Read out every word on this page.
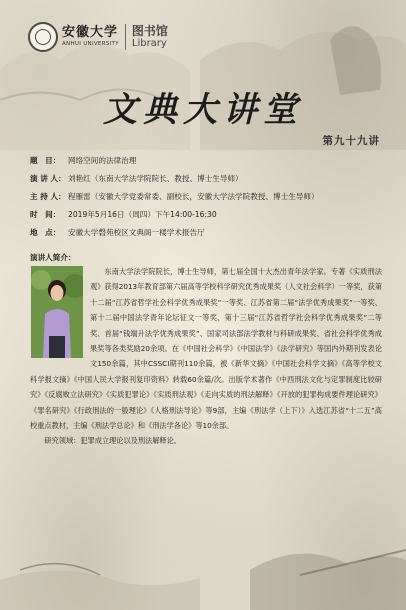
安徽大学
ANHUI UNIVERSITY
图书馆
Library
文典大讲堂
第九十九讲
题　目：	网络空间的法律治理
演 讲 人： 刘艳红（东南大学法学院院长、教授、博士生导师）
主 持 人： 程雁雷（安徽大学党委常委、副校长，安徽大学法学院教授、博士生导师）
时　间：	2019年5月16日（周四）下午14:00-16:30
地　点：	安徽大学磬苑校区文典阁一楼学术报告厅
演讲人简介：
东南大学法学院院长，博士生导师，第七届全国十大杰出青年法学家。专著《实质刑法观》获得2013年教育部第六届高等学校科学研究优秀成果奖（人文社会科学）一等奖，获第十二届“江苏省哲学社会科学优秀成果奖”一等奖、江苏省第二届“法学优秀成果奖”一等奖、第十二届中国法学青年论坛征文一等奖、第十三届“江苏省哲学社会科学优秀成果奖”二等奖、首届“钱端升法学优秀成果奖”、国家司法部法学教材与科研成果奖、省社会科学优秀成果奖等各类奖励20余项。在《中国社会科学》《中国法学》《法学研究》等国内外期刊发表论文150余篇，其中CSSCI期刊110余篇，被《新华文摘》《中国社会科学文摘》《高等学校文科学报文摘》《中国人民大学报刊复印资料》转载60余篇/次。出版学术著作《中西刑法文化与定罪制度比较研究》《反腐败立法研究》《实质犯罪论》《实质刑法观》《走向实质的刑法解释》《开放的犯罪构成要件理论研究》《罪名研究》《行政刑法的一般理论》《人格刑法导论》等9部，主编《刑法学（上下）》入选江苏省“十二五”高校重点教材，主编《刑法学总论》和《刑法学各论》等10余部。
研究领域：犯罪成立理论以及刑法解释论。
